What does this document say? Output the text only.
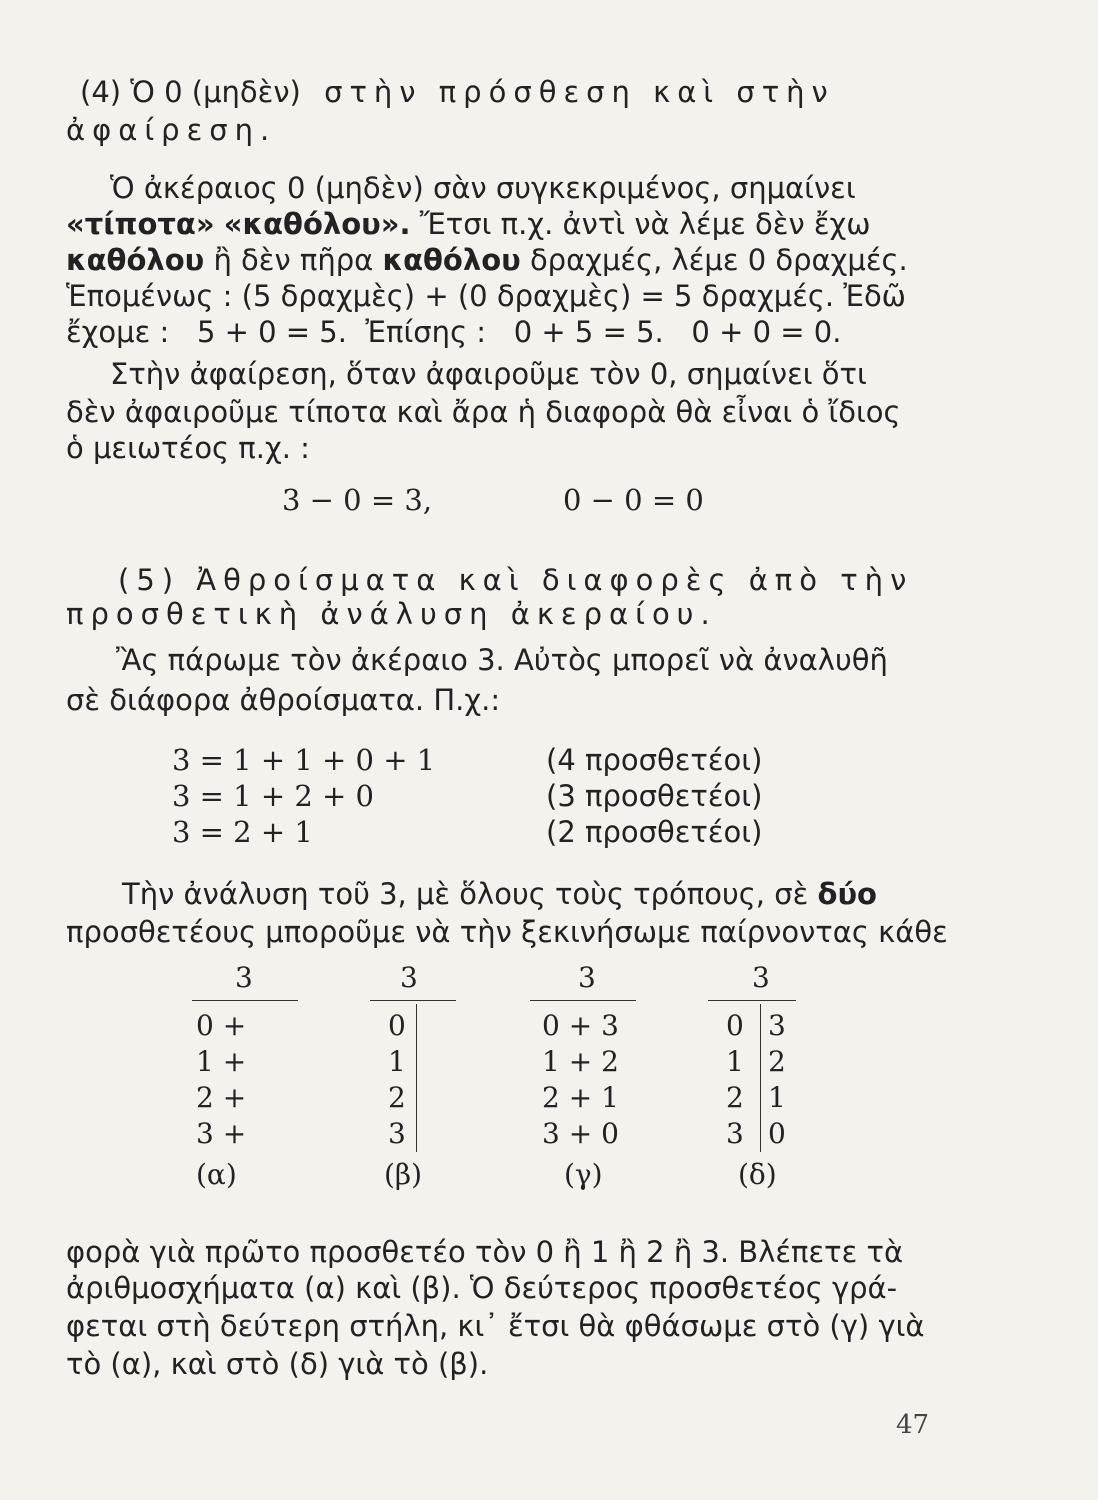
(4) Ὁ 0 (μηδὲν) στὴν πρόσθεση καὶ στὴν
ἀφαίρεση.
Ὁ ἀκέραιος 0 (μηδὲν) σὰν συγκεκριμένος, σημαίνει
«τίποτα» «καθόλου». Ἔτσι π.χ. ἀντὶ νὰ λέμε δὲν ἔχω
καθόλου ἢ δὲν πῆρα καθόλου δραχμές, λέμε 0 δραχμές.
Ἑπομένως : (5 δραχμὲς) + (0 δραχμὲς) = 5 δραχμές. Ἐδῶ
ἔχομε :   5 + 0 = 5.  Ἐπίσης :   0 + 5 = 5.   0 + 0 = 0.
Στὴν ἀφαίρεση, ὅταν ἀφαιροῦμε τὸν 0, σημαίνει ὅτι
δὲν ἀφαιροῦμε τίποτα καὶ ἄρα ἡ διαφορὰ θὰ εἶναι ὁ ἴδιος
ὁ μειωτέος π.χ. :
3 − 0 = 3,	0 − 0 = 0
(5) Ἀθροίσματα καὶ διαφορὲς ἀπὸ τὴν
προσθετικὴ ἀνάλυση ἀκεραίου.
Ἂς πάρωμε τὸν ἀκέραιο 3. Αὐτὸς μπορεῖ νὰ ἀναλυθῆ
σὲ διάφορα ἀθροίσματα. Π.χ.:
3 = 1 + 1 + 0 + 1	(4 προσθετέοι)
3 = 1 + 2 + 0	(3 προσθετέοι)
3 = 2 + 1	(2 προσθετέοι)
Τὴν ἀνάλυση τοῦ 3, μὲ ὅλους τοὺς τρόπους, σὲ δύο
προσθετέους μποροῦμε νὰ τὴν ξεκινήσωμε παίρνοντας κάθε
3
0 +
1 +
2 +
3 +
(α)
3
0
1
2
3
(β)
3
0 + 3
1 + 2
2 + 1
3 + 0
(γ)
3
0 3
1 2
2 1
3 0
(δ)
φορὰ γιὰ πρῶτο προσθετέο τὸν 0 ἢ 1 ἢ 2 ἢ 3. Βλέπετε τὰ
ἀριθμοσχήματα (α) καὶ (β). Ὁ δεύτερος προσθετέος γρά-
φεται στὴ δεύτερη στήλη, κι᾿ ἔτσι θὰ φθάσωμε στὸ (γ) γιὰ
τὸ (α), καὶ στὸ (δ) γιὰ τὸ (β).
47
